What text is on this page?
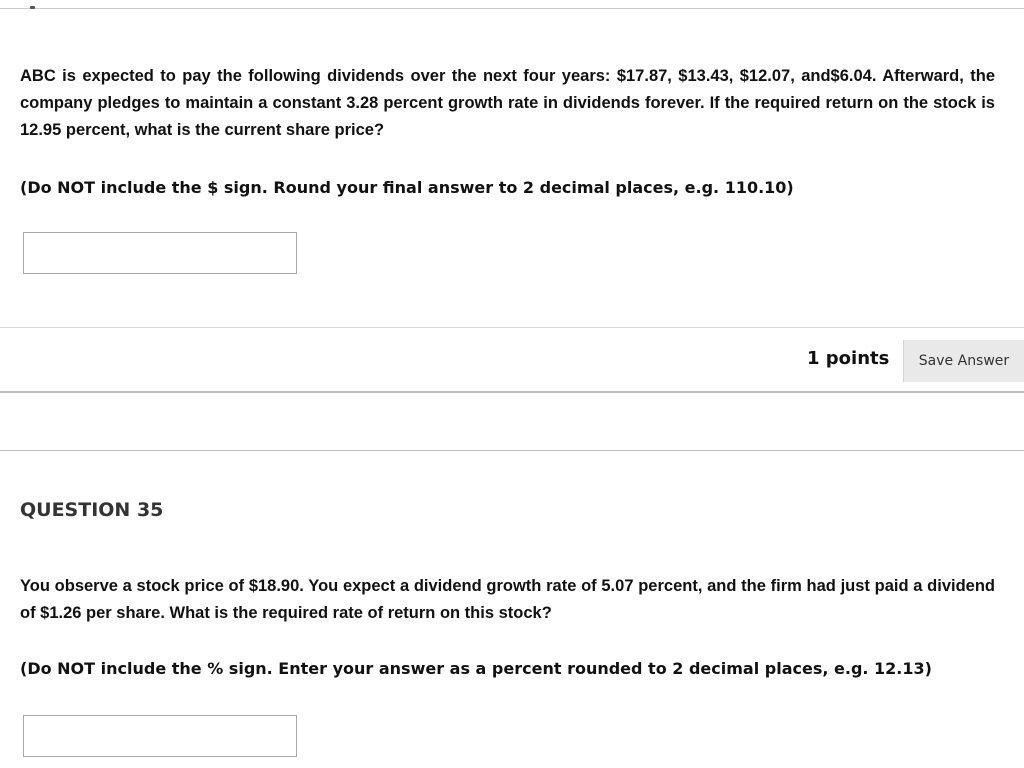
ABC is expected to pay the following dividends over the next four years: $17.87, $13.43, $12.07, and$6.04. Afterward, the company pledges to maintain a constant 3.28 percent growth rate in dividends forever. If the required return on the stock is 12.95 percent, what is the current share price?

(Do NOT include the $ sign. Round your final answer to 2 decimal places, e.g. 110.10)

1 points	Save Answer
QUESTION 35

You observe a stock price of $18.90. You expect a dividend growth rate of 5.07 percent, and the firm had just paid a dividend of $1.26 per share. What is the required rate of return on this stock?

(Do NOT include the % sign. Enter your answer as a percent rounded to 2 decimal places, e.g. 12.13)
